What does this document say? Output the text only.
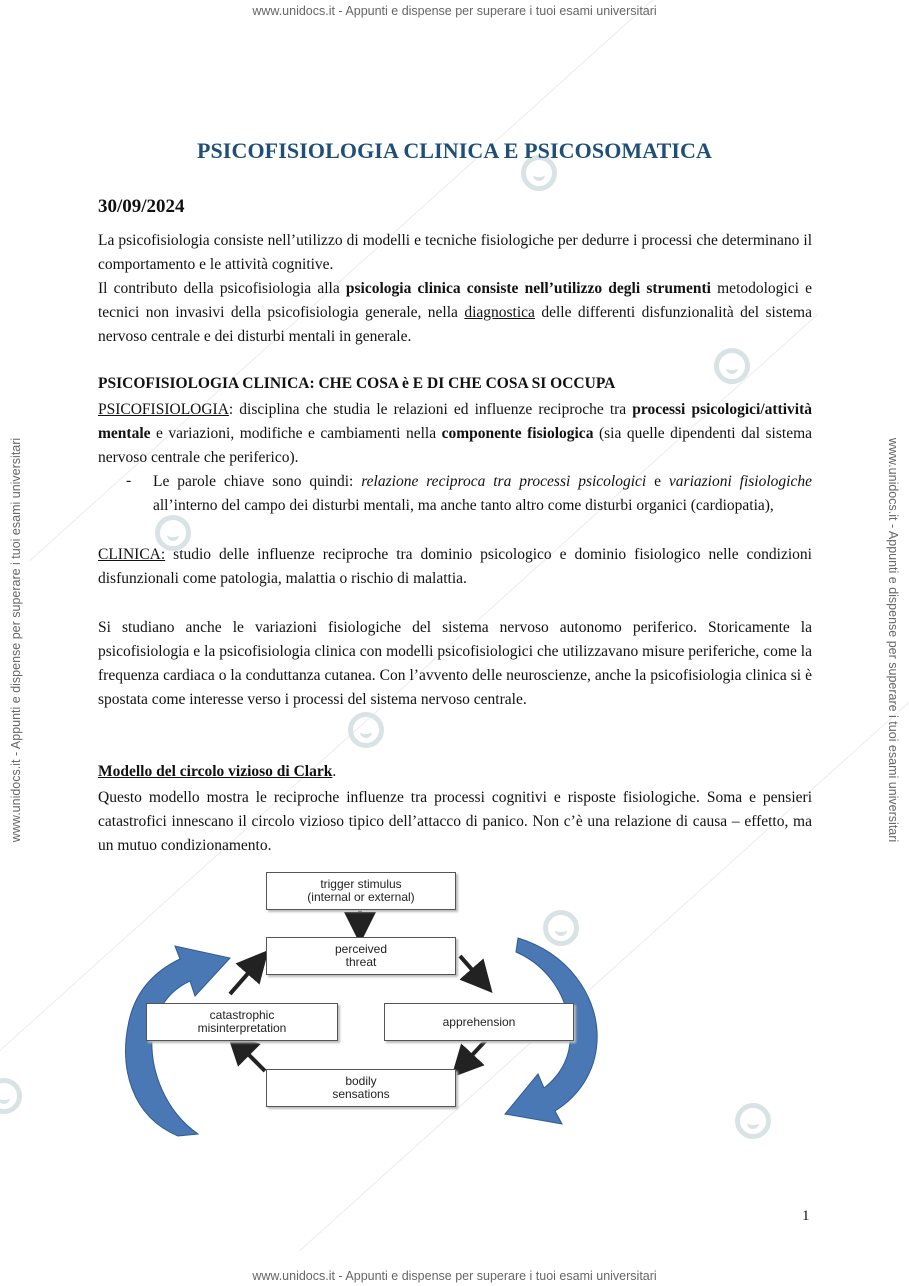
www.unidocs.it - Appunti e dispense per superare i tuoi esami universitari
www.unidocs.it - Appunti e dispense per superare i tuoi esami universitari
www.unidocs.it - Appunti e dispense per superare i tuoi esami universitari	www.unidocs.it - Appunti e dispense per superare i tuoi esami universitari
PSICOFISIOLOGIA CLINICA E PSICOSOMATICA
30/09/2024

La psicofisiologia consiste nell’utilizzo di modelli e tecniche fisiologiche per dedurre i processi che determinano il comportamento e le attività cognitive.
Il contributo della psicofisiologia alla psicologia clinica consiste nell’utilizzo degli strumenti metodologici e tecnici non invasivi della psicofisiologia generale, nella diagnostica delle differenti disfunzionalità del sistema nervoso centrale e dei disturbi mentali in generale.

PSICOFISIOLOGIA CLINICA: CHE COSA è E DI CHE COSA SI OCCUPA

PSICOFISIOLOGIA: disciplina che studia le relazioni ed influenze reciproche tra processi psicologici/attività mentale e variazioni, modifiche e cambiamenti nella componente fisiologica (sia quelle dipendenti dal sistema nervoso centrale che periferico).

- Le parole chiave sono quindi: relazione reciproca tra processi psicologici e variazioni fisiologiche all’interno del campo dei disturbi mentali, ma anche tanto altro come disturbi organici (cardiopatia),

CLINICA: studio delle influenze reciproche tra dominio psicologico e dominio fisiologico nelle condizioni disfunzionali come patologia, malattia o rischio di malattia.

Si studiano anche le variazioni fisiologiche del sistema nervoso autonomo periferico. Storicamente la psicofisiologia e la psicofisiologia clinica con modelli psicofisiologici che utilizzavano misure periferiche, come la frequenza cardiaca o la conduttanza cutanea. Con l’avvento delle neuroscienze, anche la psicofisiologia clinica si è spostata come interesse verso i processi del sistema nervoso centrale.

Modello del circolo vizioso di Clark.

Questo modello mostra le reciproche influenze tra processi cognitivi e risposte fisiologiche. Soma e pensieri catastrofici innescano il circolo vizioso tipico dell’attacco di panico. Non c’è una relazione di causa – effetto, ma un mutuo condizionamento.

trigger stimulus
(internal or external)
perceived
threat
apprehension
catastrophic
misinterpretation
bodily
sensations
1
